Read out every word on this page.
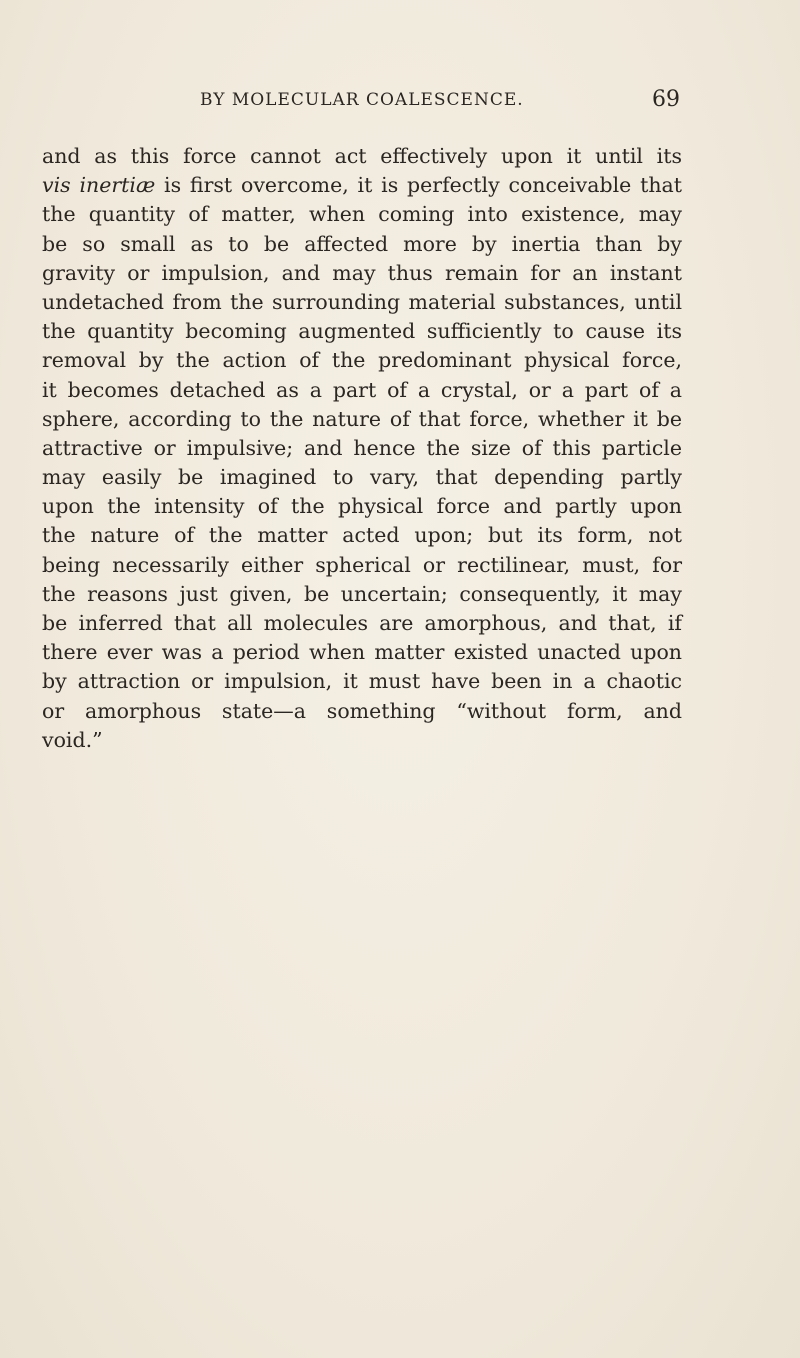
BY MOLECULAR COALESCENCE.	69
and as this force cannot act effectively upon it until its
vis inertiæ is first overcome, it is perfectly conceivable that
the quantity of matter, when coming into existence, may
be so small as to be affected more by inertia than by
gravity or impulsion, and may thus remain for an instant
undetached from the surrounding material substances, until
the quantity becoming augmented sufficiently to cause its
removal by the action of the predominant physical force,
it becomes detached as a part of a crystal, or a part of a
sphere, according to the nature of that force, whether it be
attractive or impulsive; and hence the size of this particle
may easily be imagined to vary, that depending partly
upon the intensity of the physical force and partly upon
the nature of the matter acted upon; but its form, not
being necessarily either spherical or rectilinear, must, for
the reasons just given, be uncertain; consequently, it may
be inferred that all molecules are amorphous, and that, if
there ever was a period when matter existed unacted upon
by attraction or impulsion, it must have been in a chaotic
or amorphous state—a something “without form, and
void.”
